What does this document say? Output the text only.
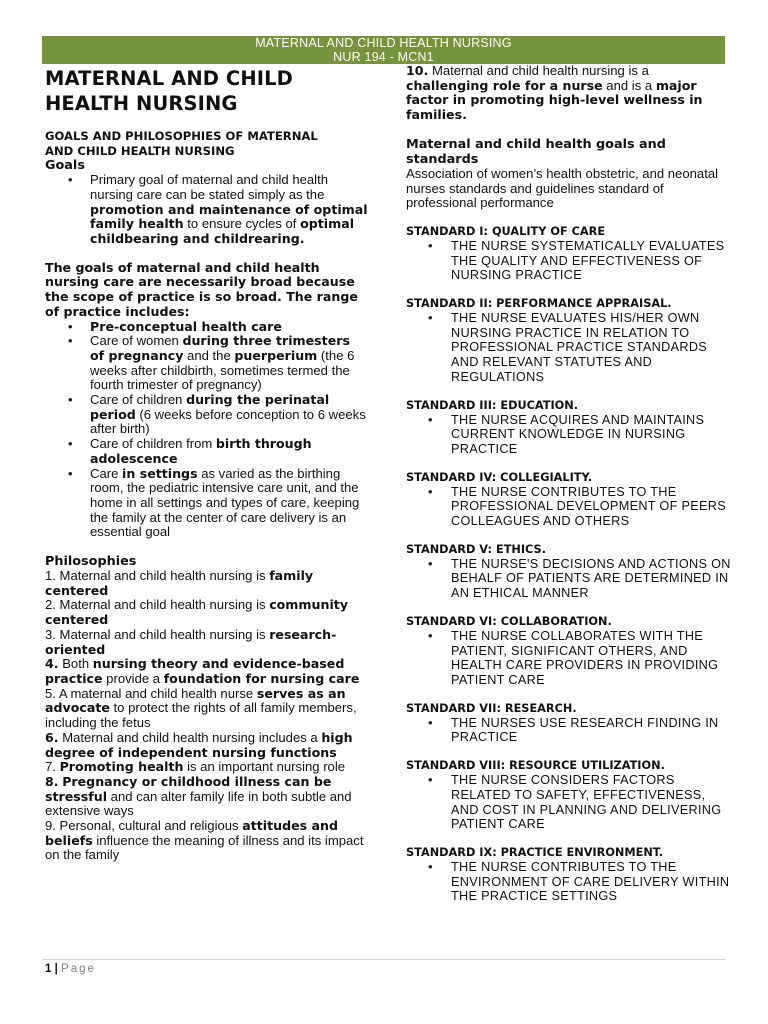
MATERNAL AND CHILD HEALTH NURSING
NUR 194 - MCN1
MATERNAL AND CHILD
HEALTH NURSING
GOALS AND PHILOSOPHIES OF MATERNAL
AND CHILD HEALTH NURSING
Goals
• Primary goal of maternal and child health nursing care can be stated simply as the promotion and maintenance of optimal family health to ensure cycles of optimal childbearing and childrearing.
The goals of maternal and child health nursing care are necessarily broad because the scope of practice is so broad. The range of practice includes:
• Pre-conceptual health care
• Care of women during three trimesters of pregnancy and the puerperium (the 6 weeks after childbirth, sometimes termed the fourth trimester of pregnancy)
• Care of children during the perinatal period (6 weeks before conception to 6 weeks after birth)
• Care of children from birth through adolescence
• Care in settings as varied as the birthing room, the pediatric intensive care unit, and the home in all settings and types of care, keeping the family at the center of care delivery is an essential goal
Philosophies
1. Maternal and child health nursing is family centered
2. Maternal and child health nursing is community centered
3. Maternal and child health nursing is research-oriented
4. Both nursing theory and evidence-based practice provide a foundation for nursing care
5. A maternal and child health nurse serves as an advocate to protect the rights of all family members, including the fetus
6. Maternal and child health nursing includes a high degree of independent nursing functions
7. Promoting health is an important nursing role
8. Pregnancy or childhood illness can be stressful and can alter family life in both subtle and extensive ways
9. Personal, cultural and religious attitudes and beliefs influence the meaning of illness and its impact on the family
10. Maternal and child health nursing is a challenging role for a nurse and is a major factor in promoting high-level wellness in families.
Maternal and child health goals and standards
Association of women’s health obstetric, and neonatal nurses standards and guidelines standard of professional performance
STANDARD I: QUALITY OF CARE
• THE NURSE SYSTEMATICALLY EVALUATES THE QUALITY AND EFFECTIVENESS OF NURSING PRACTICE
STANDARD II: PERFORMANCE APPRAISAL.
• THE NURSE EVALUATES HIS/HER OWN NURSING PRACTICE IN RELATION TO PROFESSIONAL PRACTICE STANDARDS AND RELEVANT STATUTES AND REGULATIONS
STANDARD III: EDUCATION.
• THE NURSE ACQUIRES AND MAINTAINS CURRENT KNOWLEDGE IN NURSING PRACTICE
STANDARD IV: COLLEGIALITY.
• THE NURSE CONTRIBUTES TO THE PROFESSIONAL DEVELOPMENT OF PEERS COLLEAGUES AND OTHERS
STANDARD V: ETHICS.
• THE NURSE'S DECISIONS AND ACTIONS ON BEHALF OF PATIENTS ARE DETERMINED IN AN ETHICAL MANNER
STANDARD VI: COLLABORATION.
• THE NURSE COLLABORATES WITH THE PATIENT, SIGNIFICANT OTHERS, AND HEALTH CARE PROVIDERS IN PROVIDING PATIENT CARE
STANDARD VII: RESEARCH.
• THE NURSES USE RESEARCH FINDING IN PRACTICE
STANDARD VIII: RESOURCE UTILIZATION.
• THE NURSE CONSIDERS FACTORS RELATED TO SAFETY, EFFECTIVENESS, AND COST IN PLANNING AND DELIVERING PATIENT CARE
STANDARD IX: PRACTICE ENVIRONMENT.
• THE NURSE CONTRIBUTES TO THE ENVIRONMENT OF CARE DELIVERY WITHIN THE PRACTICE SETTINGS
1 | Page
